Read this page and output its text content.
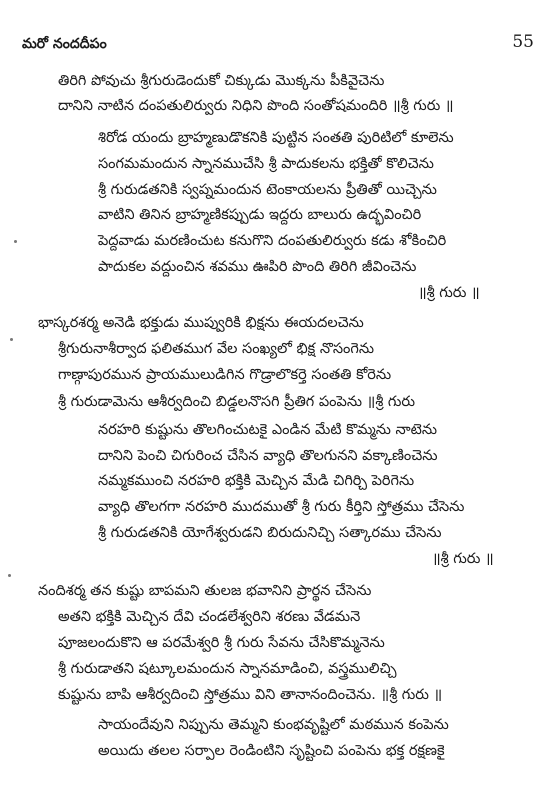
మరో నందదీపం	55
తిరిగి పోవుచు శ్రీగురుడెందుకో చిక్కుడు మొక్కను పీకివైచెను
దానిని నాటిన దంపతులిర్వురు నిధిని పొంది సంతోషమందిరి ॥శ్రీ గురు ॥
శిరోడ యందు బ్రాహ్మణుడొకనికి పుట్టిన సంతతి పురిటిలో కూలెను
సంగమమందున స్నానముచేసి శ్రీ పాదుకలను భక్తితో కొలిచెను
శ్రీ గురుడతనికి స్వప్నమందున టెంకాయలను ప్రీతితో యిచ్చెను
వాటిని తినిన బ్రాహ్మణికప్పుడు ఇద్దరు బాలురు ఉద్భవించిరి
పెద్దవాడు మరణించుట కనుగొని దంపతులిర్వురు కడు శోకించిరి
పాదుకల వద్దుంచిన శవము ఊపిరి పొంది తిరిగి జీవించెను
॥శ్రీ గురు ॥
భాస్కరశర్మ అనెడి భక్తుడు ముప్వురికి భిక్షను ఈయదలచెను
శ్రీగురునాశీర్వాద ఫలితముగ వేల సంఖ్యలో భిక్ష నొసంగెను
గాణ్గాపురమున ప్రాయములుడిగిన గొడ్రాలొకర్తె సంతతి కోరెను
శ్రీ గురుడామెను ఆశీర్వదించి బిడ్డలనొసగి ప్రీతిగ పంపెను ॥శ్రీ గురు
నరహరి కుష్టును తొలగించుటకై ఎండిన మేటి కొమ్మను నాటెను
దానిని పెంచి చిగురించ చేసిన వ్యాధి తొలగునని వక్కాణించెను
నమ్మకముంచి నరహరి భక్తికి మెచ్చిన మేడి చిగిర్చి పెరిగెను
వ్యాధి తొలగగా నరహరి ముదముతో శ్రీ గురు కీర్తిని స్తోత్రము చేసెను
శ్రీ గురుడతనికి యోగేశ్వరుడని బిరుదునిచ్చి సత్కారము చేసెను
॥శ్రీ గురు ॥
నందిశర్మ తన కుష్టు బాపమని తులజ భవానిని ప్రార్థన చేసెను
అతని భక్తికి మెచ్చిన దేవి చండలేశ్వరిని శరణు వేడమనె
పూజలందుకొని ఆ పరమేశ్వరి శ్రీ గురు సేవను చేసికొమ్మనెను
శ్రీ గురుడాతని షట్కూలమందున స్నానమాడించి, వస్త్రములిచ్చి
కుష్టును బాపి ఆశీర్వదించి స్తోత్రము విని తానానందించెను. ॥శ్రీ గురు ॥
సాయందేవుని నిప్పును తెమ్మని కుంభవృష్టిలో మఠమున కంపెను
అయిదు తలల సర్పాల రెండింటిని సృష్టించి పంపెను భక్త రక్షణకై
